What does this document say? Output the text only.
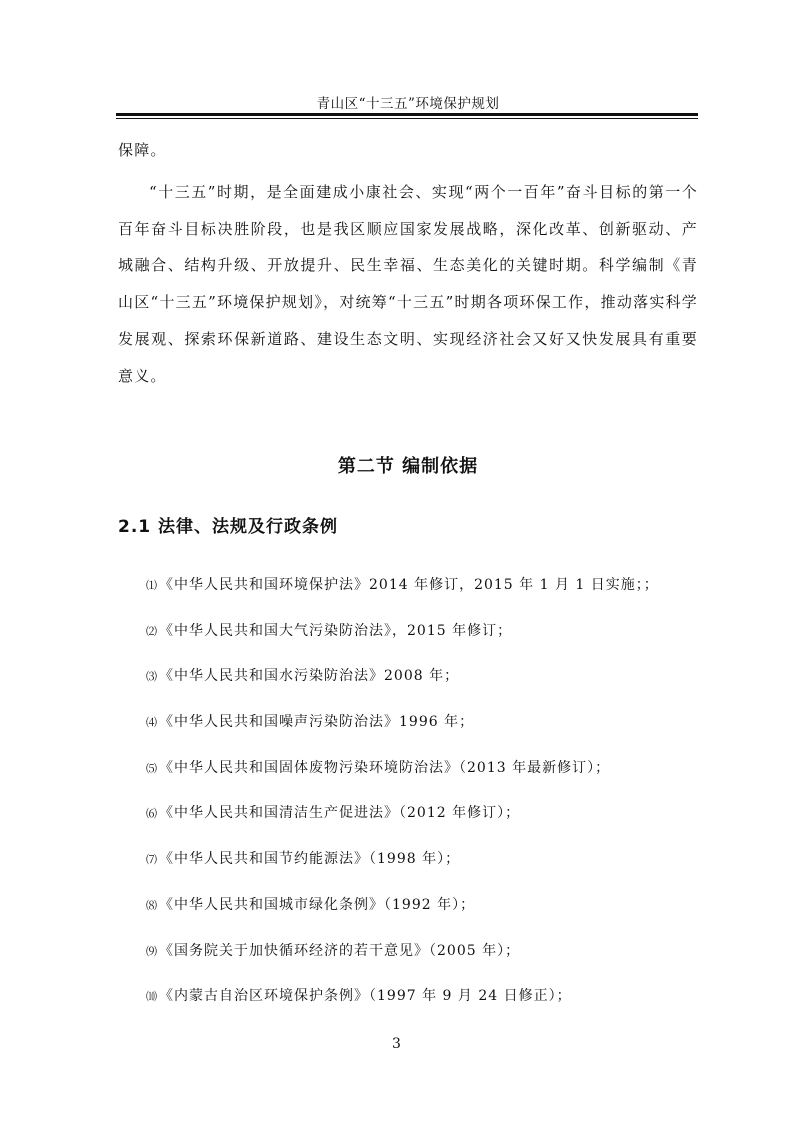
青山区“十三五”环境保护规划
保障。
“十三五”时期，是全面建成小康社会、实现“两个一百年”奋斗目标的第一个百年奋斗目标决胜阶段，也是我区顺应国家发展战略，深化改革、创新驱动、产城融合、结构升级、开放提升、民生幸福、生态美化的关键时期。科学编制《青山区“十三五”环境保护规划》，对统筹“十三五”时期各项环保工作，推动落实科学发展观、探索环保新道路、建设生态文明、实现经济社会又好又快发展具有重要意义。
第二节 编制依据
2.1 法律、法规及行政条例
⑴《中华人民共和国环境保护法》2014 年修订，2015 年 1 月 1 日实施；；
⑵《中华人民共和国大气污染防治法》，2015 年修订；
⑶《中华人民共和国水污染防治法》2008 年；
⑷《中华人民共和国噪声污染防治法》1996 年；
⑸《中华人民共和国固体废物污染环境防治法》（2013 年最新修订）；
⑹《中华人民共和国清洁生产促进法》（2012 年修订）；
⑺《中华人民共和国节约能源法》（1998 年）；
⑻《中华人民共和国城市绿化条例》（1992 年）；
⑼《国务院关于加快循环经济的若干意见》（2005 年）；
⑽《内蒙古自治区环境保护条例》（1997 年 9 月 24 日修正）；
3
